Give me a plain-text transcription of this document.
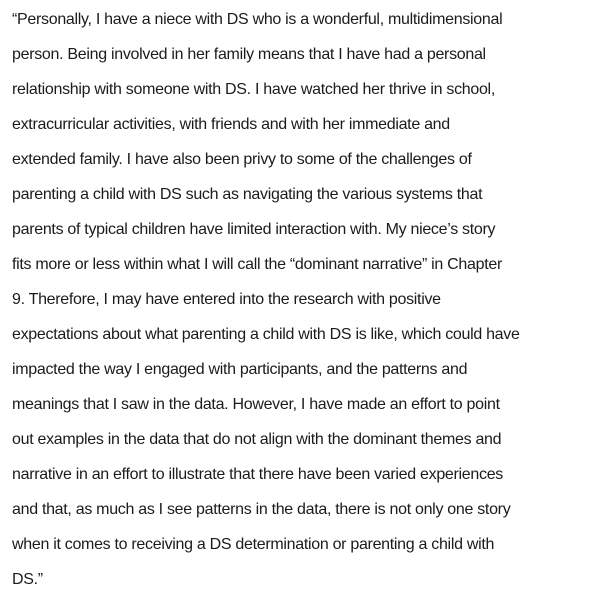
“Personally, I have a niece with DS who is a wonderful, multidimensional
person. Being involved in her family means that I have had a personal
relationship with someone with DS. I have watched her thrive in school,
extracurricular activities, with friends and with her immediate and
extended family. I have also been privy to some of the challenges of
parenting a child with DS such as navigating the various systems that
parents of typical children have limited interaction with. My niece’s story
fits more or less within what I will call the “dominant narrative” in Chapter
9. Therefore, I may have entered into the research with positive
expectations about what parenting a child with DS is like, which could have
impacted the way I engaged with participants, and the patterns and
meanings that I saw in the data. However, I have made an effort to point
out examples in the data that do not align with the dominant themes and
narrative in an effort to illustrate that there have been varied experiences
and that, as much as I see patterns in the data, there is not only one story
when it comes to receiving a DS determination or parenting a child with
DS.”
